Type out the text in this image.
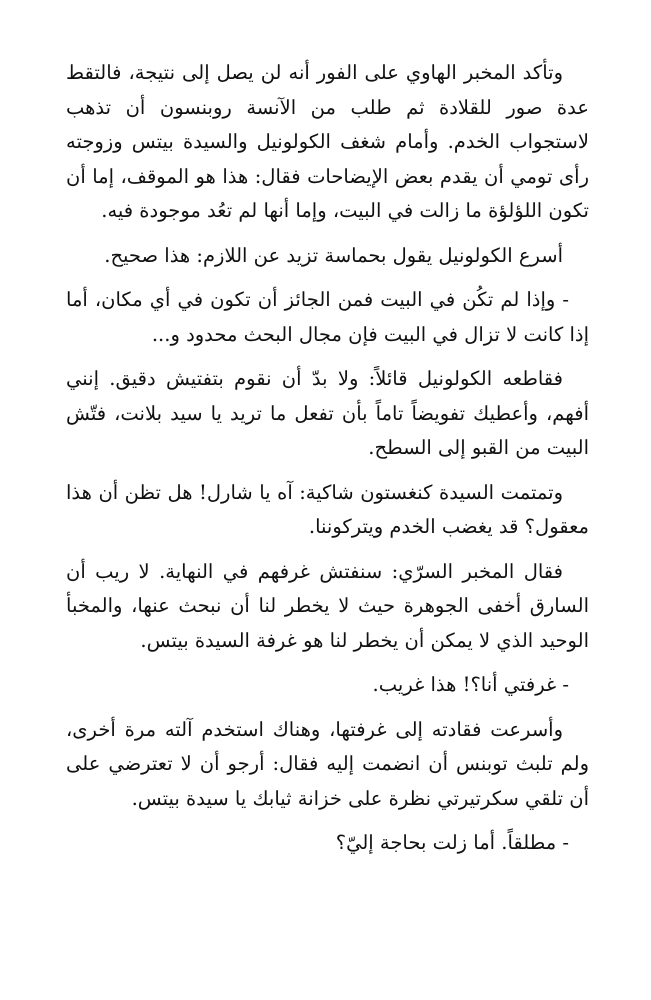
وتأكد المخبر الهاوي على الفور أنه لن يصل إلى نتيجة، فالتقط عدة صور للقلادة ثم طلب من الآنسة روبنسون أن تذهب لاستجواب الخدم. وأمام شغف الكولونيل والسيدة بيتس وزوجته رأى تومي أن يقدم بعض الإيضاحات فقال: هذا هو الموقف، إما أن تكون اللؤلؤة ما زالت في البيت، وإما أنها لم تعُد موجودة فيه.

أسرع الكولونيل يقول بحماسة تزيد عن اللازم: هذا صحيح.

- وإذا لم تكُن في البيت فمن الجائز أن تكون في أي مكان، أما إذا كانت لا تزال في البيت فإن مجال البحث محدود و...

فقاطعه الكولونيل قائلاً: ولا بدّ أن نقوم بتفتيش دقيق. إنني أفهم، وأعطيك تفويضاً تاماً بأن تفعل ما تريد يا سيد بلانت، فتّش البيت من القبو إلى السطح.

وتمتمت السيدة كنغستون شاكية: آه يا شارل! هل تظن أن هذا معقول؟ قد يغضب الخدم ويتركوننا.

فقال المخبر السرّي: سنفتش غرفهم في النهاية. لا ريب أن السارق أخفى الجوهرة حيث لا يخطر لنا أن نبحث عنها، والمخبأ الوحيد الذي لا يمكن أن يخطر لنا هو غرفة السيدة بيتس.

- غرفتي أنا؟! هذا غريب.

وأسرعت فقادته إلى غرفتها، وهناك استخدم آلته مرة أخرى، ولم تلبث توبنس أن انضمت إليه فقال: أرجو أن لا تعترضي على أن تلقي سكرتيرتي نظرة على خزانة ثيابك يا سيدة بيتس.

- مطلقاً. أما زلت بحاجة إليّ؟
